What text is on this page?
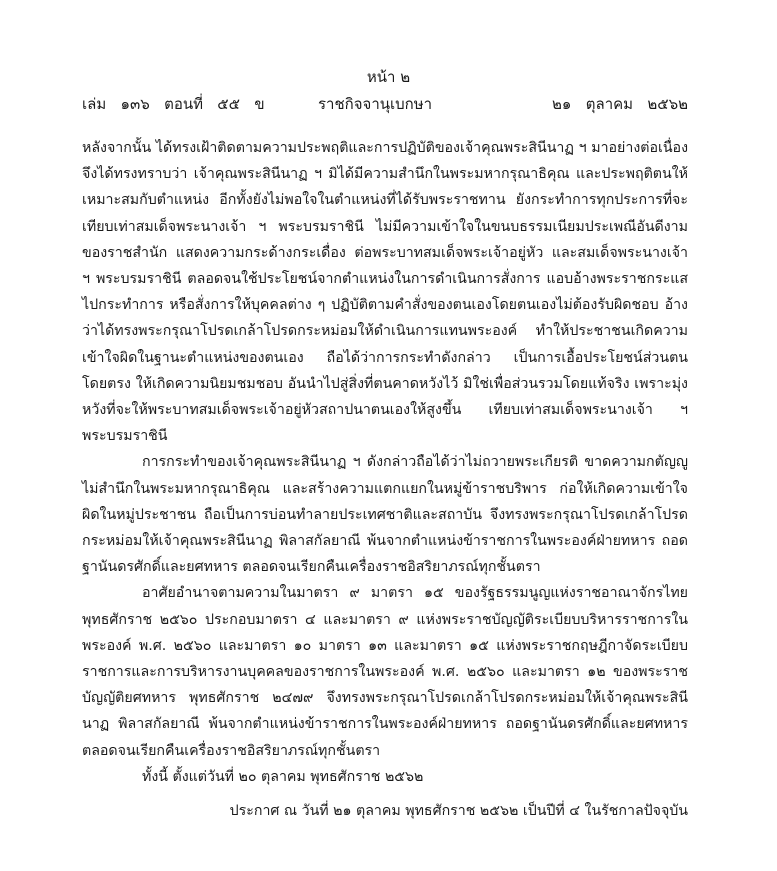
หน้า ๒
เล่ม   ๑๓๖   ตอนที่   ๕๕   ข	ราชกิจจานุเบกษา	๒๑   ตุลาคม   ๒๕๖๒

หลังจากนั้น ได้ทรงเฝ้าติดตามความประพฤติและการปฏิบัติของเจ้าคุณพระสินีนาฏ ฯ มาอย่างต่อเนื่อง จึงได้ทรงทราบว่า เจ้าคุณพระสินีนาฏ ฯ มิได้มีความสำนึกในพระมหากรุณาธิคุณ และประพฤติตนให้เหมาะสมกับตำแหน่ง อีกทั้งยังไม่พอใจในตำแหน่งที่ได้รับพระราชทาน ยังกระทำการทุกประการที่จะเทียบเท่าสมเด็จพระนางเจ้า ฯ พระบรมราชินี ไม่มีความเข้าใจในขนบธรรมเนียมประเพณีอันดีงามของราชสำนัก แสดงความกระด้างกระเดื่อง ต่อพระบาทสมเด็จพระเจ้าอยู่หัว และสมเด็จพระนางเจ้า ฯ พระบรมราชินี ตลอดจนใช้ประโยชน์จากตำแหน่งในการดำเนินการสั่งการ แอบอ้างพระราชกระแสไปกระทำการ หรือสั่งการให้บุคคลต่าง ๆ ปฏิบัติตามคำสั่งของตนเองโดยตนเองไม่ต้องรับผิดชอบ อ้างว่าได้ทรงพระกรุณาโปรดเกล้าโปรดกระหม่อมให้ดำเนินการแทนพระองค์ ทำให้ประชาชนเกิดความเข้าใจผิดในฐานะตำแหน่งของตนเอง ถือได้ว่าการกระทำดังกล่าว เป็นการเอื้อประโยชน์ส่วนตนโดยตรง ให้เกิดความนิยมชมชอบ อันนำไปสู่สิ่งที่ตนคาดหวังไว้ มิใช่เพื่อส่วนรวมโดยแท้จริง เพราะมุ่งหวังที่จะให้พระบาทสมเด็จพระเจ้าอยู่หัวสถาปนาตนเองให้สูงขึ้น เทียบเท่าสมเด็จพระนางเจ้า ฯ พระบรมราชินี

การกระทำของเจ้าคุณพระสินีนาฏ ฯ ดังกล่าวถือได้ว่าไม่ถวายพระเกียรติ ขาดความกตัญญู ไม่สำนึกในพระมหากรุณาธิคุณ และสร้างความแตกแยกในหมู่ข้าราชบริพาร ก่อให้เกิดความเข้าใจผิดในหมู่ประชาชน ถือเป็นการบ่อนทำลายประเทศชาติและสถาบัน จึงทรงพระกรุณาโปรดเกล้าโปรดกระหม่อมให้เจ้าคุณพระสินีนาฏ พิลาสกัลยาณี พ้นจากตำแหน่งข้าราชการในพระองค์ฝ่ายทหาร ถอดฐานันดรศักดิ์และยศทหาร ตลอดจนเรียกคืนเครื่องราชอิสริยาภรณ์ทุกชั้นตรา

อาศัยอำนาจตามความในมาตรา ๙ มาตรา ๑๕ ของรัฐธรรมนูญแห่งราชอาณาจักรไทย พุทธศักราช ๒๕๖๐ ประกอบมาตรา ๔ และมาตรา ๙ แห่งพระราชบัญญัติระเบียบบริหารราชการในพระองค์ พ.ศ. ๒๕๖๐ และมาตรา ๑๐ มาตรา ๑๓ และมาตรา ๑๕ แห่งพระราชกฤษฎีกาจัดระเบียบราชการและการบริหารงานบุคคลของราชการในพระองค์ พ.ศ. ๒๕๖๐ และมาตรา ๑๒ ของพระราชบัญญัติยศทหาร พุทธศักราช ๒๔๗๙ จึงทรงพระกรุณาโปรดเกล้าโปรดกระหม่อมให้เจ้าคุณพระสินีนาฏ พิลาสกัลยาณี พ้นจากตำแหน่งข้าราชการในพระองค์ฝ่ายทหาร ถอดฐานันดรศักดิ์และยศทหาร ตลอดจนเรียกคืนเครื่องราชอิสริยาภรณ์ทุกชั้นตรา

ทั้งนี้ ตั้งแต่วันที่ ๒๐ ตุลาคม พุทธศักราช ๒๕๖๒

ประกาศ ณ วันที่ ๒๑ ตุลาคม พุทธศักราช ๒๕๖๒ เป็นปีที่ ๔ ในรัชกาลปัจจุบัน
